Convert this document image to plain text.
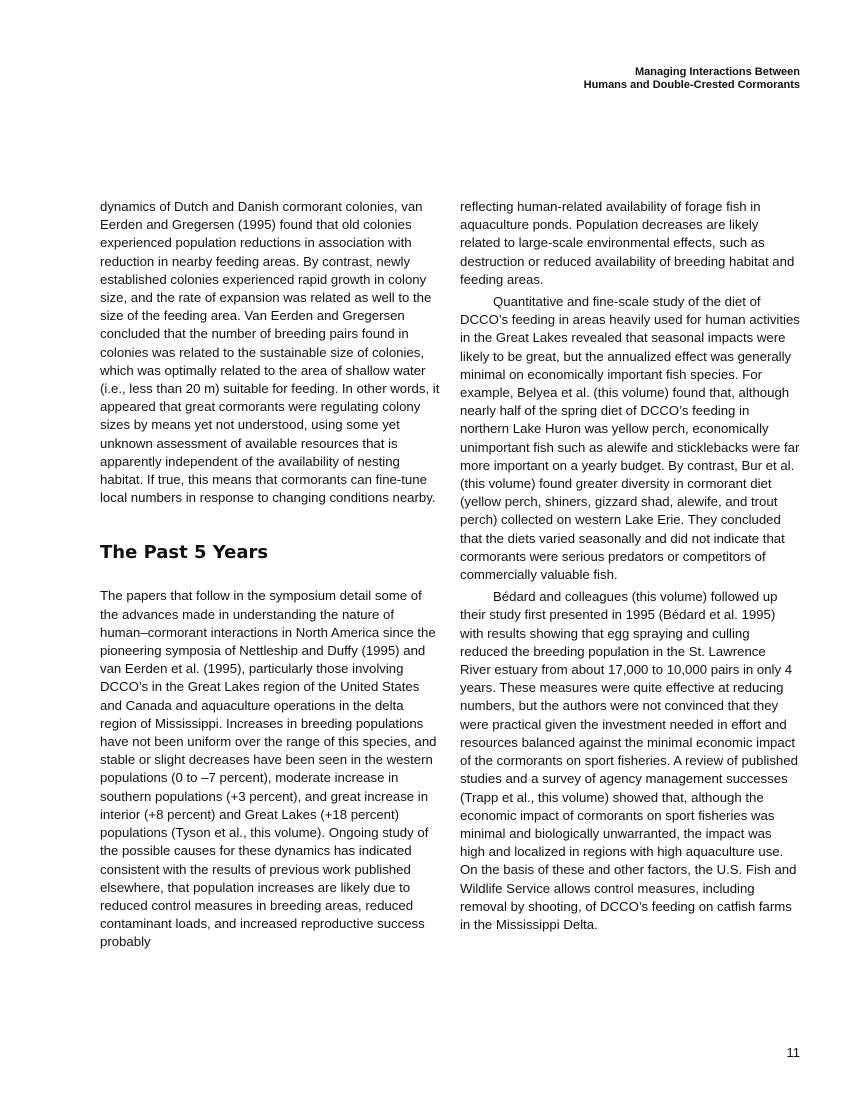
Managing Interactions Between
Humans and Double-Crested Cormorants

dynamics of Dutch and Danish cormorant colonies, van Eerden and Gregersen (1995) found that old colonies experienced population reductions in association with reduction in nearby feeding areas. By contrast, newly established colonies experienced rapid growth in colony size, and the rate of expansion was related as well to the size of the feeding area. Van Eerden and Gregersen concluded that the number of breeding pairs found in colonies was related to the sustainable size of colonies, which was optimally related to the area of shallow water (i.e., less than 20 m) suitable for feeding. In other words, it appeared that great cormorants were regulating colony sizes by means yet not understood, using some yet unknown assessment of available resources that is apparently independent of the availability of nesting habitat. If true, this means that cormorants can fine-tune local numbers in response to changing conditions nearby.

The Past 5 Years

The papers that follow in the symposium detail some of the advances made in understanding the nature of human–cormorant interactions in North America since the pioneering symposia of Nettleship and Duffy (1995) and van Eerden et al. (1995), particularly those involving DCCO’s in the Great Lakes region of the United States and Canada and aquaculture operations in the delta region of Mississippi. Increases in breeding populations have not been uniform over the range of this species, and stable or slight decreases have been seen in the western populations (0 to –7 percent), moderate increase in southern populations (+3 percent), and great increase in interior (+8 percent) and Great Lakes (+18 percent) populations (Tyson et al., this volume). Ongoing study of the possible causes for these dynamics has indicated consistent with the results of previous work published elsewhere, that population increases are likely due to reduced control measures in breeding areas, reduced contaminant loads, and increased reproductive success probably

reflecting human-related availability of forage fish in aquaculture ponds. Population decreases are likely related to large-scale environmental effects, such as destruction or reduced availability of breeding habitat and feeding areas.

Quantitative and fine-scale study of the diet of DCCO’s feeding in areas heavily used for human activities in the Great Lakes revealed that seasonal impacts were likely to be great, but the annualized effect was generally minimal on economically important fish species. For example, Belyea et al. (this volume) found that, although nearly half of the spring diet of DCCO’s feeding in northern Lake Huron was yellow perch, economically unimportant fish such as alewife and sticklebacks were far more important on a yearly budget. By contrast, Bur et al. (this volume) found greater diversity in cormorant diet (yellow perch, shiners, gizzard shad, alewife, and trout perch) collected on western Lake Erie. They concluded that the diets varied seasonally and did not indicate that cormorants were serious predators or competitors of commercially valuable fish.

Bédard and colleagues (this volume) followed up their study first presented in 1995 (Bédard et al. 1995) with results showing that egg spraying and culling reduced the breeding population in the St. Lawrence River estuary from about 17,000 to 10,000 pairs in only 4 years. These measures were quite effective at reducing numbers, but the authors were not convinced that they were practical given the investment needed in effort and resources balanced against the minimal economic impact of the cormorants on sport fisheries. A review of published studies and a survey of agency management successes (Trapp et al., this volume) showed that, although the economic impact of cormorants on sport fisheries was minimal and biologically unwarranted, the impact was high and localized in regions with high aquaculture use. On the basis of these and other factors, the U.S. Fish and Wildlife Service allows control measures, including removal by shooting, of DCCO’s feeding on catfish farms in the Mississippi Delta.

11
